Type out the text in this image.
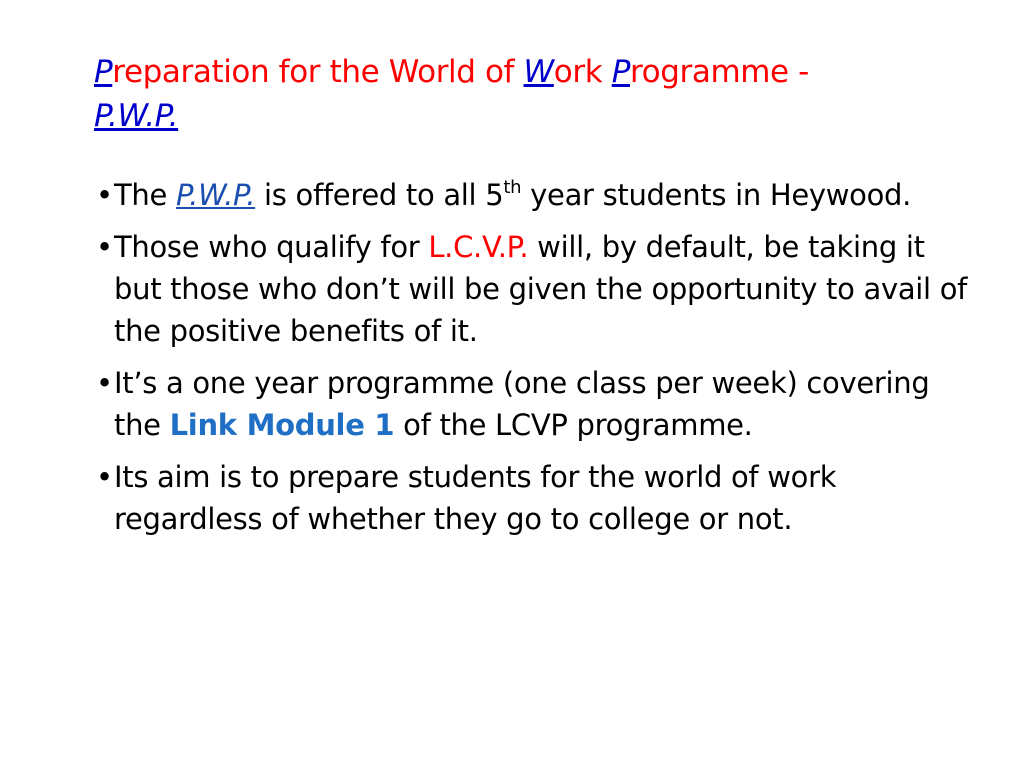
Preparation for the World of Work Programme -
P.W.P.
• The P.W.P. is offered to all 5th year students in Heywood.
• Those who qualify for L.C.V.P. will, by default, be taking it but those who don’t will be given the opportunity to avail of the positive benefits of it.
• It’s a one year programme (one class per week) covering the Link Module 1 of the LCVP programme.
• Its aim is to prepare students for the world of work regardless of whether they go to college or not.
